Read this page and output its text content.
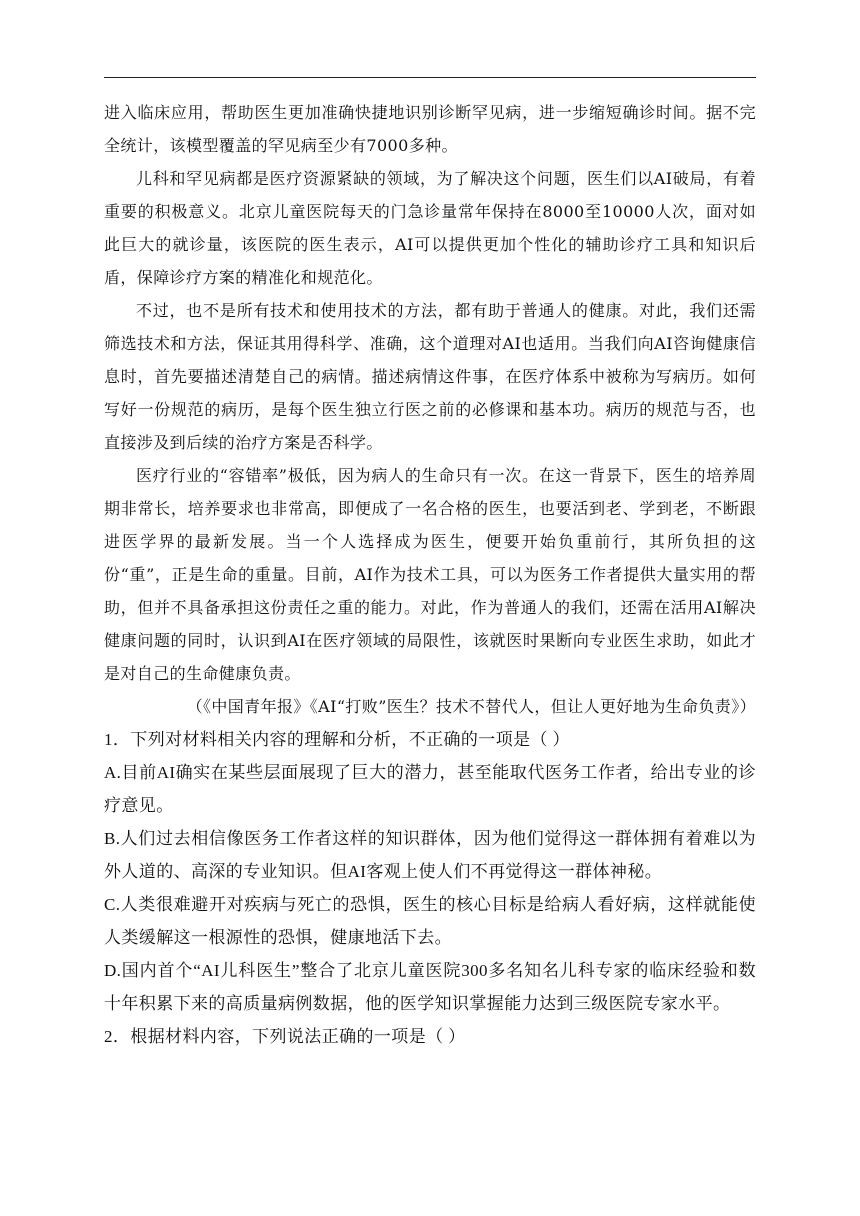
进入临床应用，帮助医生更加准确快捷地识别诊断罕见病，进一步缩短确诊时间。据不完全统计，该模型覆盖的罕见病至少有7000多种。

儿科和罕见病都是医疗资源紧缺的领域，为了解决这个问题，医生们以AI破局，有着重要的积极意义。北京儿童医院每天的门急诊量常年保持在8000至10000人次，面对如此巨大的就诊量，该医院的医生表示，AI可以提供更加个性化的辅助诊疗工具和知识后盾，保障诊疗方案的精准化和规范化。

不过，也不是所有技术和使用技术的方法，都有助于普通人的健康。对此，我们还需筛选技术和方法，保证其用得科学、准确，这个道理对AI也适用。当我们向AI咨询健康信息时，首先要描述清楚自己的病情。描述病情这件事，在医疗体系中被称为写病历。如何写好一份规范的病历，是每个医生独立行医之前的必修课和基本功。病历的规范与否，也直接涉及到后续的治疗方案是否科学。

医疗行业的“容错率”极低，因为病人的生命只有一次。在这一背景下，医生的培养周期非常长，培养要求也非常高，即便成了一名合格的医生，也要活到老、学到老，不断跟进医学界的最新发展。当一个人选择成为医生，便要开始负重前行，其所负担的这份“重”，正是生命的重量。目前，AI作为技术工具，可以为医务工作者提供大量实用的帮助，但并不具备承担这份责任之重的能力。对此，作为普通人的我们，还需在活用AI解决健康问题的同时，认识到AI在医疗领域的局限性，该就医时果断向专业医生求助，如此才是对自己的生命健康负责。

（《中国青年报》《AI“打败”医生？技术不替代人，但让人更好地为生命负责》）

1．下列对材料相关内容的理解和分析，不正确的一项是（ ）

A.目前AI确实在某些层面展现了巨大的潜力，甚至能取代医务工作者，给出专业的诊疗意见。

B.人们过去相信像医务工作者这样的知识群体，因为他们觉得这一群体拥有着难以为外人道的、高深的专业知识。但AI客观上使人们不再觉得这一群体神秘。

C.人类很难避开对疾病与死亡的恐惧，医生的核心目标是给病人看好病，这样就能使人类缓解这一根源性的恐惧，健康地活下去。

D.国内首个“AI儿科医生”整合了北京儿童医院300多名知名儿科专家的临床经验和数十年积累下来的高质量病例数据，他的医学知识掌握能力达到三级医院专家水平。

2．根据材料内容，下列说法正确的一项是（ ）
